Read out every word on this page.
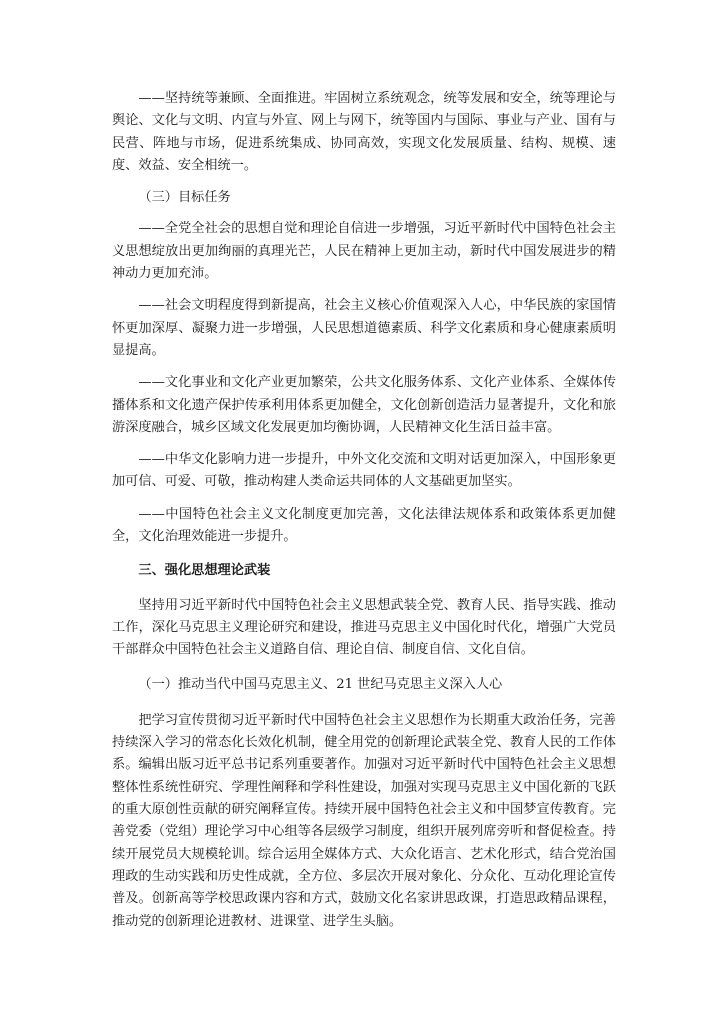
——坚持统等兼顾、全面推进。牢固树立系统观念，统等发展和安全，统等理论与舆论、文化与文明、内宣与外宣、网上与网下，统等国内与国际、事业与产业、国有与民营、阵地与市场，促进系统集成、协同高效，实现文化发展质量、结构、规模、速度、效益、安全相统一。

（三）目标任务

——全党全社会的思想自觉和理论自信进一步增强，习近平新时代中国特色社会主义思想绽放出更加绚丽的真理光芒，人民在精神上更加主动，新时代中国发展进步的精神动力更加充沛。

——社会文明程度得到新提高，社会主义核心价值观深入人心，中华民族的家国情怀更加深厚、凝聚力进一步增强，人民思想道德素质、科学文化素质和身心健康素质明显提高。

——文化事业和文化产业更加繁荣，公共文化服务体系、文化产业体系、全媒体传播体系和文化遗产保护传承利用体系更加健全，文化创新创造活力显著提升，文化和旅游深度融合，城乡区域文化发展更加均衡协调，人民精神文化生活日益丰富。

——中华文化影响力进一步提升，中外文化交流和文明对话更加深入，中国形象更加可信、可爱、可敬，推动构建人类命运共同体的人文基础更加坚实。

——中国特色社会主义文化制度更加完善，文化法律法规体系和政策体系更加健全，文化治理效能进一步提升。

三、强化思想理论武装

坚持用习近平新时代中国特色社会主义思想武装全党、教育人民、指导实践、推动工作，深化马克思主义理论研究和建设，推进马克思主义中国化时代化，增强广大党员干部群众中国特色社会主义道路自信、理论自信、制度自信、文化自信。

（一）推动当代中国马克思主义、21 世纪马克思主义深入人心

把学习宣传贯彻习近平新时代中国特色社会主义思想作为长期重大政治任务，完善持续深入学习的常态化长效化机制，健全用党的创新理论武装全党、教育人民的工作体系。编辑出版习近平总书记系列重要著作。加强对习近平新时代中国特色社会主义思想整体性系统性研究、学理性阐释和学科性建设，加强对实现马克思主义中国化新的飞跃的重大原创性贡献的研究阐释宣传。持续开展中国特色社会主义和中国梦宣传教育。完善党委（党组）理论学习中心组等各层级学习制度，组织开展列席旁听和督促检查。持续开展党员大规模轮训。综合运用全媒体方式、大众化语言、艺术化形式，结合党治国理政的生动实践和历史性成就，全方位、多层次开展对象化、分众化、互动化理论宣传普及。创新高等学校思政课内容和方式，鼓励文化名家讲思政课，打造思政精品课程，推动党的创新理论进教材、进课堂、进学生头脑。
